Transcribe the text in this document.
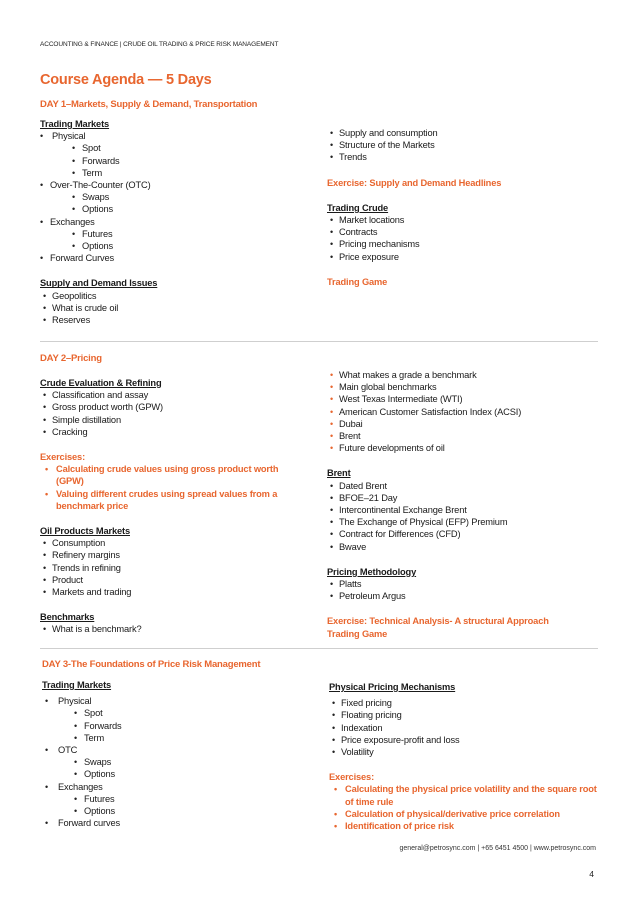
ACCOUNTING & FINANCE | CRUDE OIL TRADING & PRICE RISK MANAGEMENT
Course Agenda — 5 Days
DAY 1–Markets, Supply & Demand, Transportation
Trading Markets
• Physical
• Spot
• Forwards
• Term
• Over-The-Counter (OTC)
• Swaps
• Options
• Exchanges
• Futures
• Options
• Forward Curves
Supply and Demand Issues
• Geopolitics
• What is crude oil
• Reserves
• Supply and consumption
• Structure of the Markets
• Trends
Exercise: Supply and Demand Headlines
Trading Crude
• Market locations
• Contracts
• Pricing mechanisms
• Price exposure
Trading Game
DAY 2–Pricing
Crude Evaluation & Refining
• Classification and assay
• Gross product worth (GPW)
• Simple distillation
• Cracking
Exercises:
• Calculating crude values using gross product worth (GPW)
• Valuing different crudes using spread values from a benchmark price
Oil Products Markets
• Consumption
• Refinery margins
• Trends in refining
• Product
• Markets and trading
Benchmarks
• What is a benchmark?
• What makes a grade a benchmark
• Main global benchmarks
• West Texas Intermediate (WTI)
• American Customer Satisfaction Index (ACSI)
• Dubai
• Brent
• Future developments of oil
Brent
• Dated Brent
• BFOE–21 Day
• Intercontinental Exchange Brent
• The Exchange of Physical (EFP) Premium
• Contract for Differences (CFD)
• Bwave
Pricing Methodology
• Platts
• Petroleum Argus
Exercise: Technical Analysis- A structural Approach
Trading Game
DAY 3-The Foundations of Price Risk Management
Trading Markets
• Physical
• Spot
• Forwards
• Term
• OTC
• Swaps
• Options
• Exchanges
• Futures
• Options
• Forward curves
Physical Pricing Mechanisms
• Fixed pricing
• Floating pricing
• Indexation
• Price exposure-profit and loss
• Volatility
Exercises:
• Calculating the physical price volatility and the square root of time rule
• Calculation of physical/derivative price correlation
• Identification of price risk
general@petrosync.com | +65 6451 4500 | www.petrosync.com
4
